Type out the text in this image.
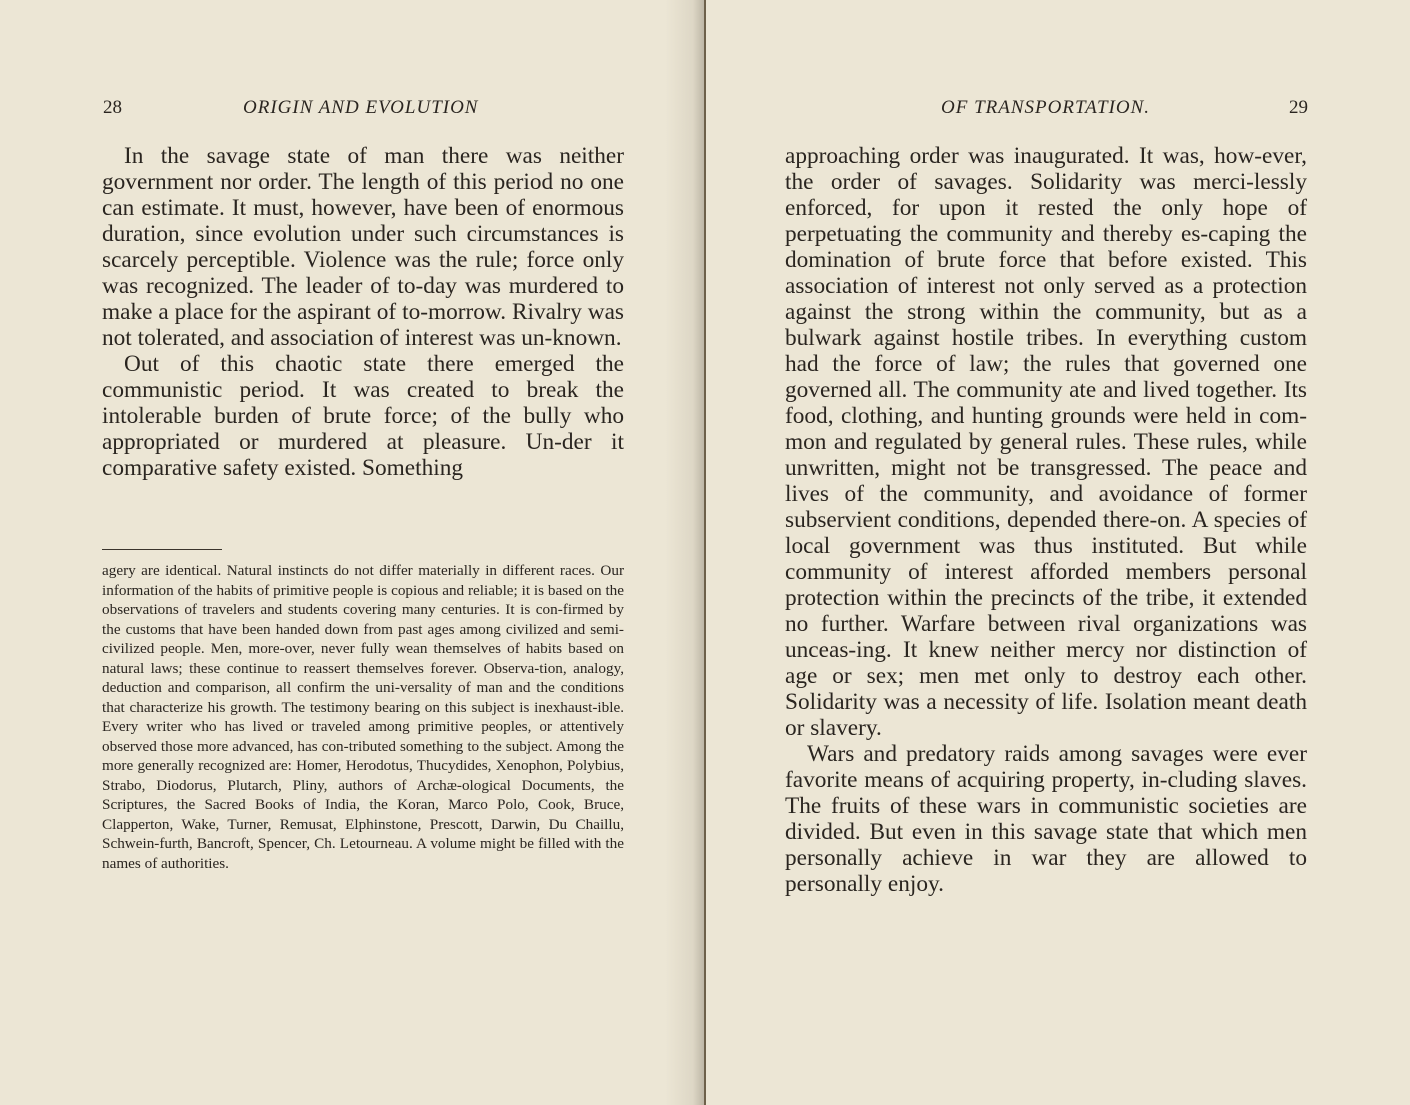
28	ORIGIN AND EVOLUTION

In the savage state of man there was neither government nor order. The length of this period no one can estimate. It must, however, have been of enormous duration, since evolution under such circumstances is scarcely perceptible. Violence was the rule; force only was recognized. The leader of to-day was murdered to make a place for the aspirant of to-morrow. Rivalry was not tolerated, and association of interest was un-known.

Out of this chaotic state there emerged the communistic period. It was created to break the intolerable burden of brute force; of the bully who appropriated or murdered at pleasure. Un-der it comparative safety existed. Something

agery are identical. Natural instincts do not differ materially in different races. Our information of the habits of primitive people is copious and reliable; it is based on the observations of travelers and students covering many centuries. It is con-firmed by the customs that have been handed down from past ages among civilized and semi-civilized people. Men, more-over, never fully wean themselves of habits based on natural laws; these continue to reassert themselves forever. Observa-tion, analogy, deduction and comparison, all confirm the uni-versality of man and the conditions that characterize his growth. The testimony bearing on this subject is inexhaust-ible. Every writer who has lived or traveled among primitive peoples, or attentively observed those more advanced, has con-tributed something to the subject. Among the more generally recognized are: Homer, Herodotus, Thucydides, Xenophon, Polybius, Strabo, Diodorus, Plutarch, Pliny, authors of Archæ-ological Documents, the Scriptures, the Sacred Books of India, the Koran, Marco Polo, Cook, Bruce, Clapperton, Wake, Turner, Remusat, Elphinstone, Prescott, Darwin, Du Chaillu, Schwein-furth, Bancroft, Spencer, Ch. Letourneau. A volume might be filled with the names of authorities.

OF TRANSPORTATION.	29

approaching order was inaugurated. It was, how-ever, the order of savages. Solidarity was merci-lessly enforced, for upon it rested the only hope of perpetuating the community and thereby es-caping the domination of brute force that before existed. This association of interest not only served as a protection against the strong within the community, but as a bulwark against hostile tribes. In everything custom had the force of law; the rules that governed one governed all. The community ate and lived together. Its food, clothing, and hunting grounds were held in com-mon and regulated by general rules. These rules, while unwritten, might not be transgressed. The peace and lives of the community, and avoidance of former subservient conditions, depended there-on. A species of local government was thus instituted. But while community of interest afforded members personal protection within the precincts of the tribe, it extended no further. Warfare between rival organizations was unceas-ing. It knew neither mercy nor distinction of age or sex; men met only to destroy each other. Solidarity was a necessity of life. Isolation meant death or slavery.

Wars and predatory raids among savages were ever favorite means of acquiring property, in-cluding slaves. The fruits of these wars in communistic societies are divided. But even in this savage state that which men personally achieve in war they are allowed to personally enjoy.
